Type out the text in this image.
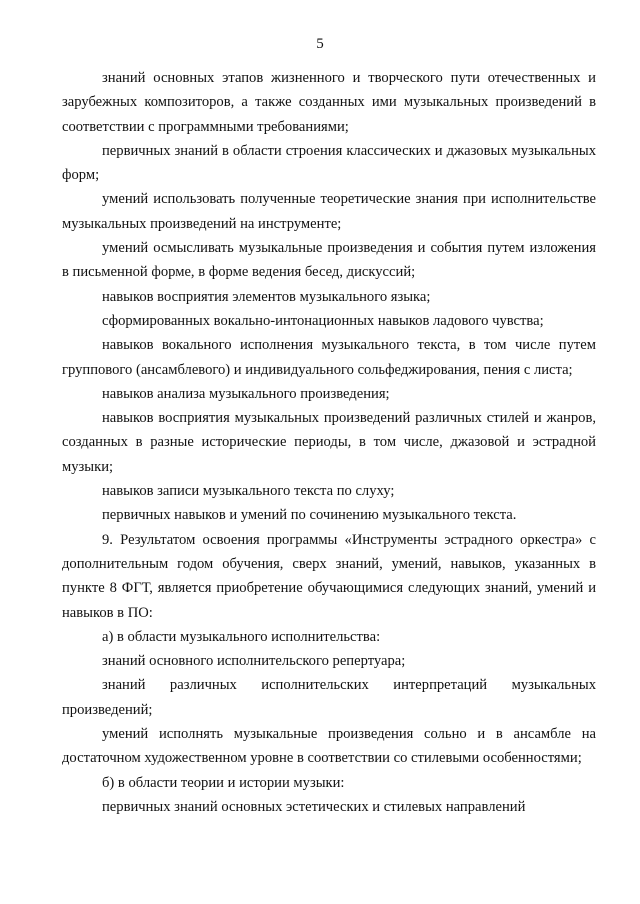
5

знаний основных этапов жизненного и творческого пути отечественных и зарубежных композиторов, а также созданных ими музыкальных произведений в соответствии с программными требованиями;

первичных знаний в области строения классических и джазовых музыкальных форм;

умений использовать полученные теоретические знания при исполнительстве музыкальных произведений на инструменте;

умений осмысливать музыкальные произведения и события путем изложения в письменной форме, в форме ведения бесед, дискуссий;

навыков восприятия элементов музыкального языка;

сформированных вокально-интонационных навыков ладового чувства;

навыков вокального исполнения музыкального текста, в том числе путем группового (ансамблевого) и индивидуального сольфеджирования, пения с листа;

навыков анализа музыкального произведения;

навыков восприятия музыкальных произведений различных стилей и жанров, созданных в разные исторические периоды, в том числе, джазовой и эстрадной музыки;

навыков записи музыкального текста по слуху;

первичных навыков и умений по сочинению музыкального текста.

9. Результатом освоения программы «Инструменты эстрадного оркестра» с дополнительным годом обучения, сверх знаний, умений, навыков, указанных в пункте 8 ФГТ, является приобретение обучающимися следующих знаний, умений и навыков в ПО:

а) в области музыкального исполнительства:

знаний основного исполнительского репертуара;

знаний различных исполнительских интерпретаций музыкальных произведений;

умений исполнять музыкальные произведения сольно и в ансамбле на достаточном художественном уровне в соответствии со стилевыми особенностями;

б) в области теории и истории музыки:

первичных знаний основных эстетических и стилевых направлений
